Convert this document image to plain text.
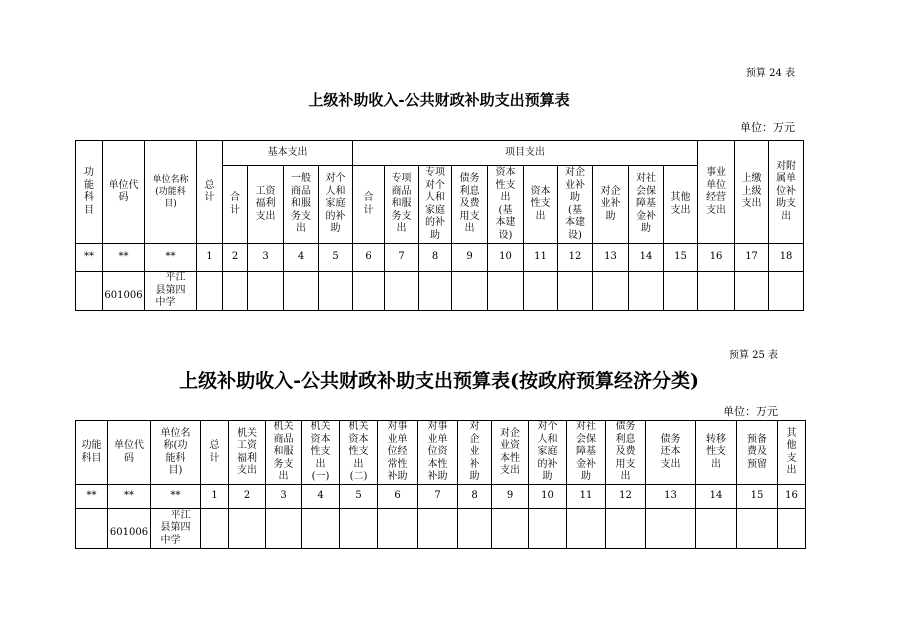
预算 24 表
上级补助收入-公共财政补助支出预算表
单位：万元
功能科目	单位代码	单位名称(功能科目)	总计	基本支出				项目支出										事业单位经营支出	上缴上级支出	对附属单位补助支出
				合计	工资福利支出	一般商品和服务支出	对个人和家庭的补助	合计	专项商品和服务支出	专项对个人和家庭的补助	债务利息及费用支出	资本性支出(基本建设)	资本性支出	对企业补助(基本建设)	对企业补助	对社会保障基金补助	其他支出			
**	**	**	1	2	3	4	5	6	7	8	9	10	11	12	13	14	15	16	17	18
	601006	平江县第四中学																		
预算 25 表
上级补助收入-公共财政补助支出预算表(按政府预算经济分类)
单位：万元
功能科目	单位代码	单位名称(功能科目)	总计	机关工资福利支出	机关商品和服务支出	机关资本性支出(一)	机关资本性支出(二)	对事业单位经常性补助	对事业单位资本性补助	对企业补助	对企业资本性支出	对个人和家庭的补助	对社会保障基金补助	债务利息及费用支出	债务还本支出	转移性支出	预备费及预留	其他支出
**	**	**	1	2	3	4	5	6	7	8	9	10	11	12	13	14	15	16
	601006	平江县第四中学																
